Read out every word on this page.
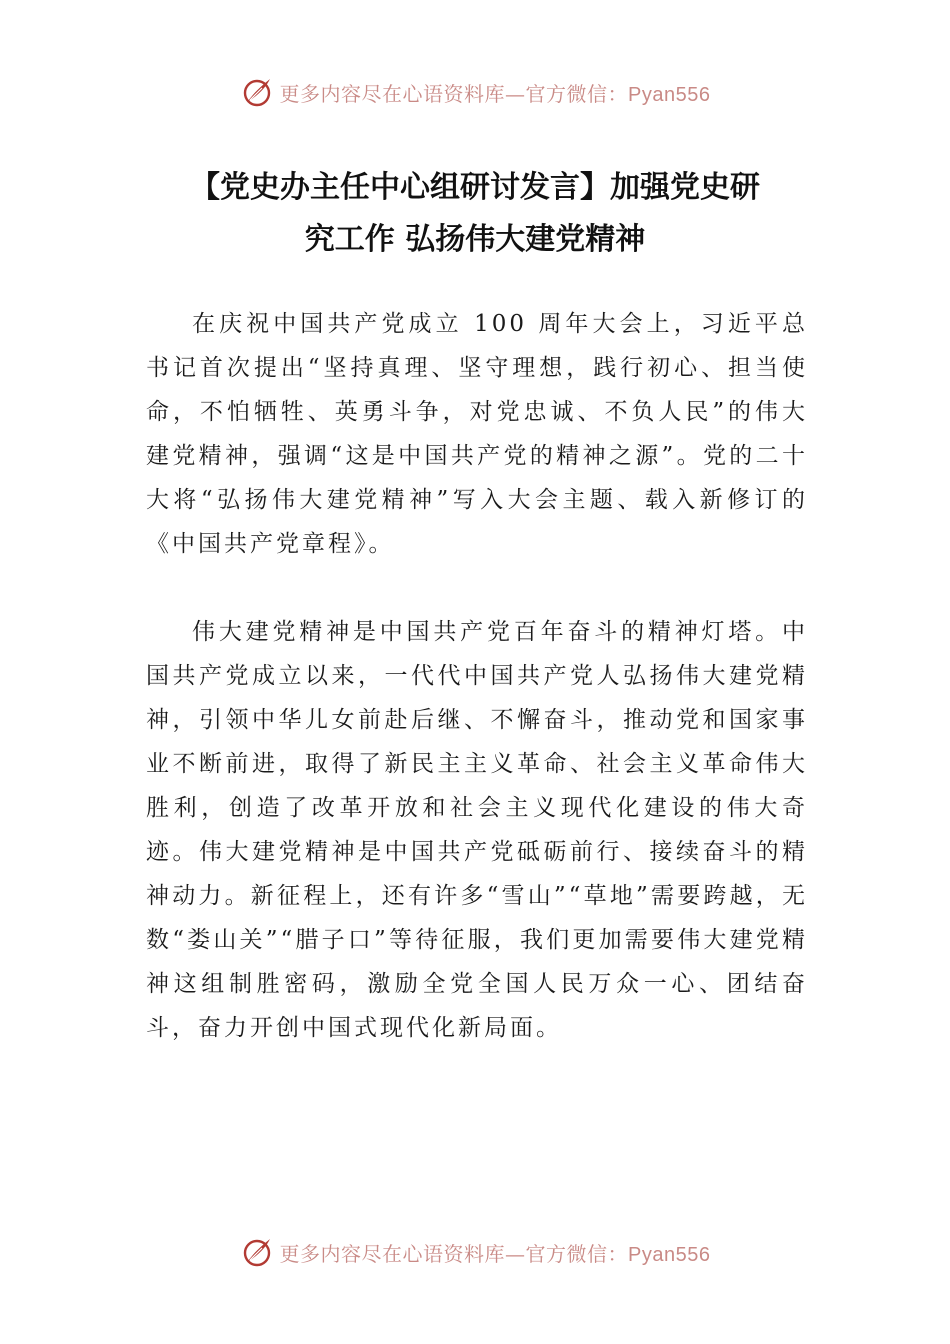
更多内容尽在心语资料库—官方微信：Pyan556
【党史办主任中心组研讨发言】加强党史研
究工作 弘扬伟大建党精神

在庆祝中国共产党成立 100 周年大会上，习近平总书记首次提出“坚持真理、坚守理想，践行初心、担当使命，不怕牺牲、英勇斗争，对党忠诚、不负人民”的伟大建党精神，强调“这是中国共产党的精神之源”。党的二十大将“弘扬伟大建党精神”写入大会主题、载入新修订的《中国共产党章程》。

伟大建党精神是中国共产党百年奋斗的精神灯塔。中国共产党成立以来，一代代中国共产党人弘扬伟大建党精神，引领中华儿女前赴后继、不懈奋斗，推动党和国家事业不断前进，取得了新民主主义革命、社会主义革命伟大胜利，创造了改革开放和社会主义现代化建设的伟大奇迹。伟大建党精神是中国共产党砥砺前行、接续奋斗的精神动力。新征程上，还有许多“雪山”“草地”需要跨越，无数“娄山关”“腊子口”等待征服，我们更加需要伟大建党精神这组制胜密码，激励全党全国人民万众一心、团结奋斗，奋力开创中国式现代化新局面。

更多内容尽在心语资料库—官方微信：Pyan556
